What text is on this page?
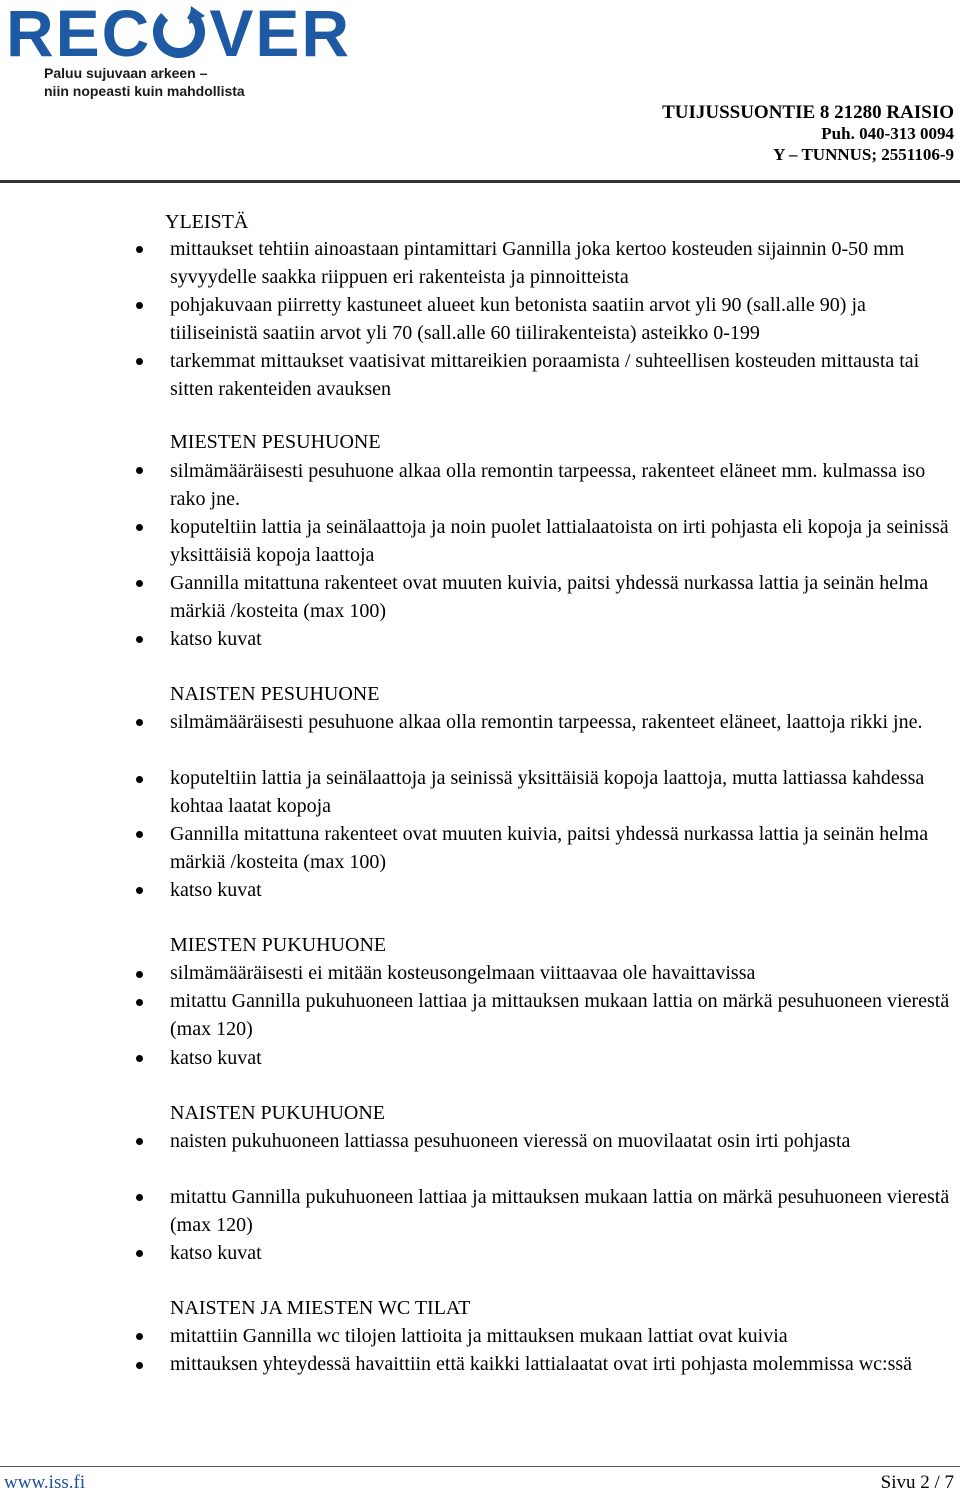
REC VER
Paluu sujuvaan arkeen –
niin nopeasti kuin mahdollista
TUIJUSSUONTIE 8 21280 RAISIO
Puh. 040-313 0094
Y – TUNNUS; 2551106-9
YLEISTÄ
mittaukset tehtiin ainoastaan pintamittari Gannilla joka kertoo kosteuden sijainnin 0-50 mm syvyydelle saakka riippuen eri rakenteista ja pinnoitteista
pohjakuvaan piirretty kastuneet alueet kun betonista saatiin arvot yli 90 (sall.alle 90) ja tiiliseinistä saatiin arvot yli 70 (sall.alle 60 tiilirakenteista) asteikko 0-199
tarkemmat mittaukset vaatisivat mittareikien poraamista / suhteellisen kosteuden mittausta tai sitten rakenteiden avauksen
MIESTEN PESUHUONE
silmämääräisesti pesuhuone alkaa olla remontin tarpeessa, rakenteet eläneet mm. kulmassa iso rako jne.
koputeltiin lattia ja seinälaattoja ja noin puolet lattialaatoista on irti pohjasta eli kopoja ja seinissä yksittäisiä kopoja laattoja
Gannilla mitattuna rakenteet ovat muuten kuivia, paitsi yhdessä nurkassa lattia ja seinän helma märkiä /kosteita (max 100)
katso kuvat
NAISTEN PESUHUONE
silmämääräisesti pesuhuone alkaa olla remontin tarpeessa, rakenteet eläneet, laattoja rikki jne.
koputeltiin lattia ja seinälaattoja ja seinissä yksittäisiä kopoja laattoja, mutta lattiassa kahdessa kohtaa laatat kopoja
Gannilla mitattuna rakenteet ovat muuten kuivia, paitsi yhdessä nurkassa lattia ja seinän helma märkiä /kosteita (max 100)
katso kuvat
MIESTEN PUKUHUONE
silmämääräisesti ei mitään kosteusongelmaan viittaavaa ole havaittavissa
mitattu Gannilla pukuhuoneen lattiaa ja mittauksen mukaan lattia on märkä pesuhuoneen vierestä (max 120)
katso kuvat
NAISTEN PUKUHUONE
naisten pukuhuoneen lattiassa pesuhuoneen vieressä on muovilaatat osin irti pohjasta
mitattu Gannilla pukuhuoneen lattiaa ja mittauksen mukaan lattia on märkä pesuhuoneen vierestä (max 120)
katso kuvat
NAISTEN JA MIESTEN WC TILAT
mitattiin Gannilla wc tilojen lattioita ja mittauksen mukaan lattiat ovat kuivia
mittauksen yhteydessä havaittiin että kaikki lattialaatat ovat irti pohjasta molemmissa wc:ssä
www.iss.fi	Sivu 2 / 7
